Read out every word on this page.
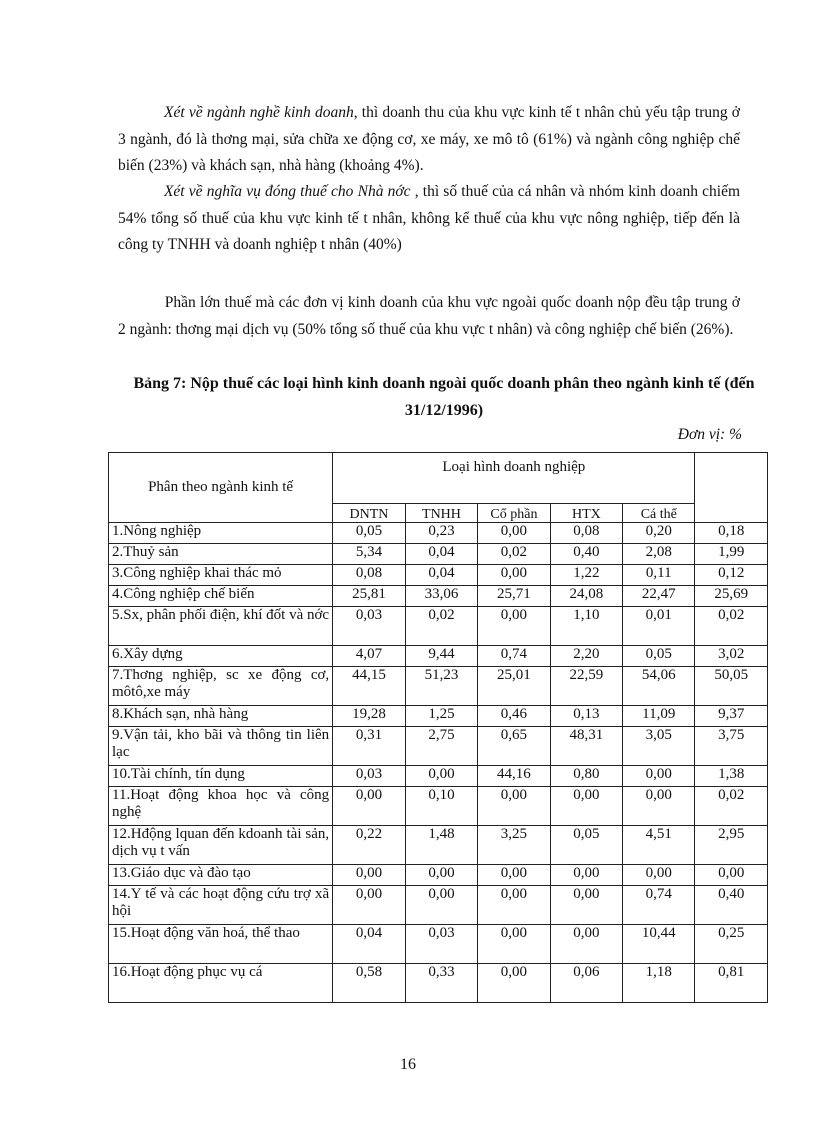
Xét về ngành nghề kinh doanh, thì doanh thu của khu vực kinh tế t nhân chủ yếu tập trung ở 3 ngành, đó là thơng mại, sửa chữa xe động cơ, xe máy, xe mô tô (61%) và ngành công nghiệp chế biến (23%) và khách sạn, nhà hàng (khoảng 4%).

Xét về nghĩa vụ đóng thuế cho Nhà nớc , thì số thuế của cá nhân và nhóm kinh doanh chiếm 54% tổng số thuế của khu vực kinh tế t nhân, không kể thuế của khu vực nông nghiệp, tiếp đến là công ty TNHH và doanh nghiệp t nhân (40%)

Phần lớn thuế mà các đơn vị kinh doanh của khu vực ngoài quốc doanh nộp đều tập trung ở 2 ngành: thơng mại dịch vụ (50% tổng số thuế của khu vực t nhân) và công nghiệp chế biến (26%).

Bảng 7: Nộp thuế các loại hình kinh doanh ngoài quốc doanh phân theo ngành kinh tế (đến 31/12/1996)

Đơn vị: %
Phân theo ngành kinh tế	Loại hình doanh nghiệp					
	DNTN	TNHH	Cổ phần	HTX	Cá thể	
1.Nông nghiệp	0,05	0,23	0,00	0,08	0,20	0,18
2.Thuỷ sản	5,34	0,04	0,02	0,40	2,08	1,99
3.Công nghiệp khai thác mỏ	0,08	0,04	0,00	1,22	0,11	0,12
4.Công nghiệp chế biến	25,81	33,06	25,71	24,08	22,47	25,69
5.Sx, phân phối điện, khí đốt và nớc	0,03	0,02	0,00	1,10	0,01	0,02
6.Xây dựng	4,07	9,44	0,74	2,20	0,05	3,02
7.Thơng nghiệp, sc xe động cơ, môtô,xe máy	44,15	51,23	25,01	22,59	54,06	50,05
8.Khách sạn, nhà hàng	19,28	1,25	0,46	0,13	11,09	9,37
9.Vận tải, kho bãi và thông tin liên lạc	0,31	2,75	0,65	48,31	3,05	3,75
10.Tài chính, tín dụng	0,03	0,00	44,16	0,80	0,00	1,38
11.Hoạt động khoa học và công nghệ	0,00	0,10	0,00	0,00	0,00	0,02
12.Hđộng lquan đến kdoanh tài sản, dịch vụ t vấn	0,22	1,48	3,25	0,05	4,51	2,95
13.Giáo dục và đào tạo	0,00	0,00	0,00	0,00	0,00	0,00
14.Y tế và các hoạt động cứu trợ xã hội	0,00	0,00	0,00	0,00	0,74	0,40
15.Hoạt động văn hoá, thể thao	0,04	0,03	0,00	0,00	10,44	0,25
16.Hoạt động phục vụ cá	0,58	0,33	0,00	0,06	1,18	0,81
16
